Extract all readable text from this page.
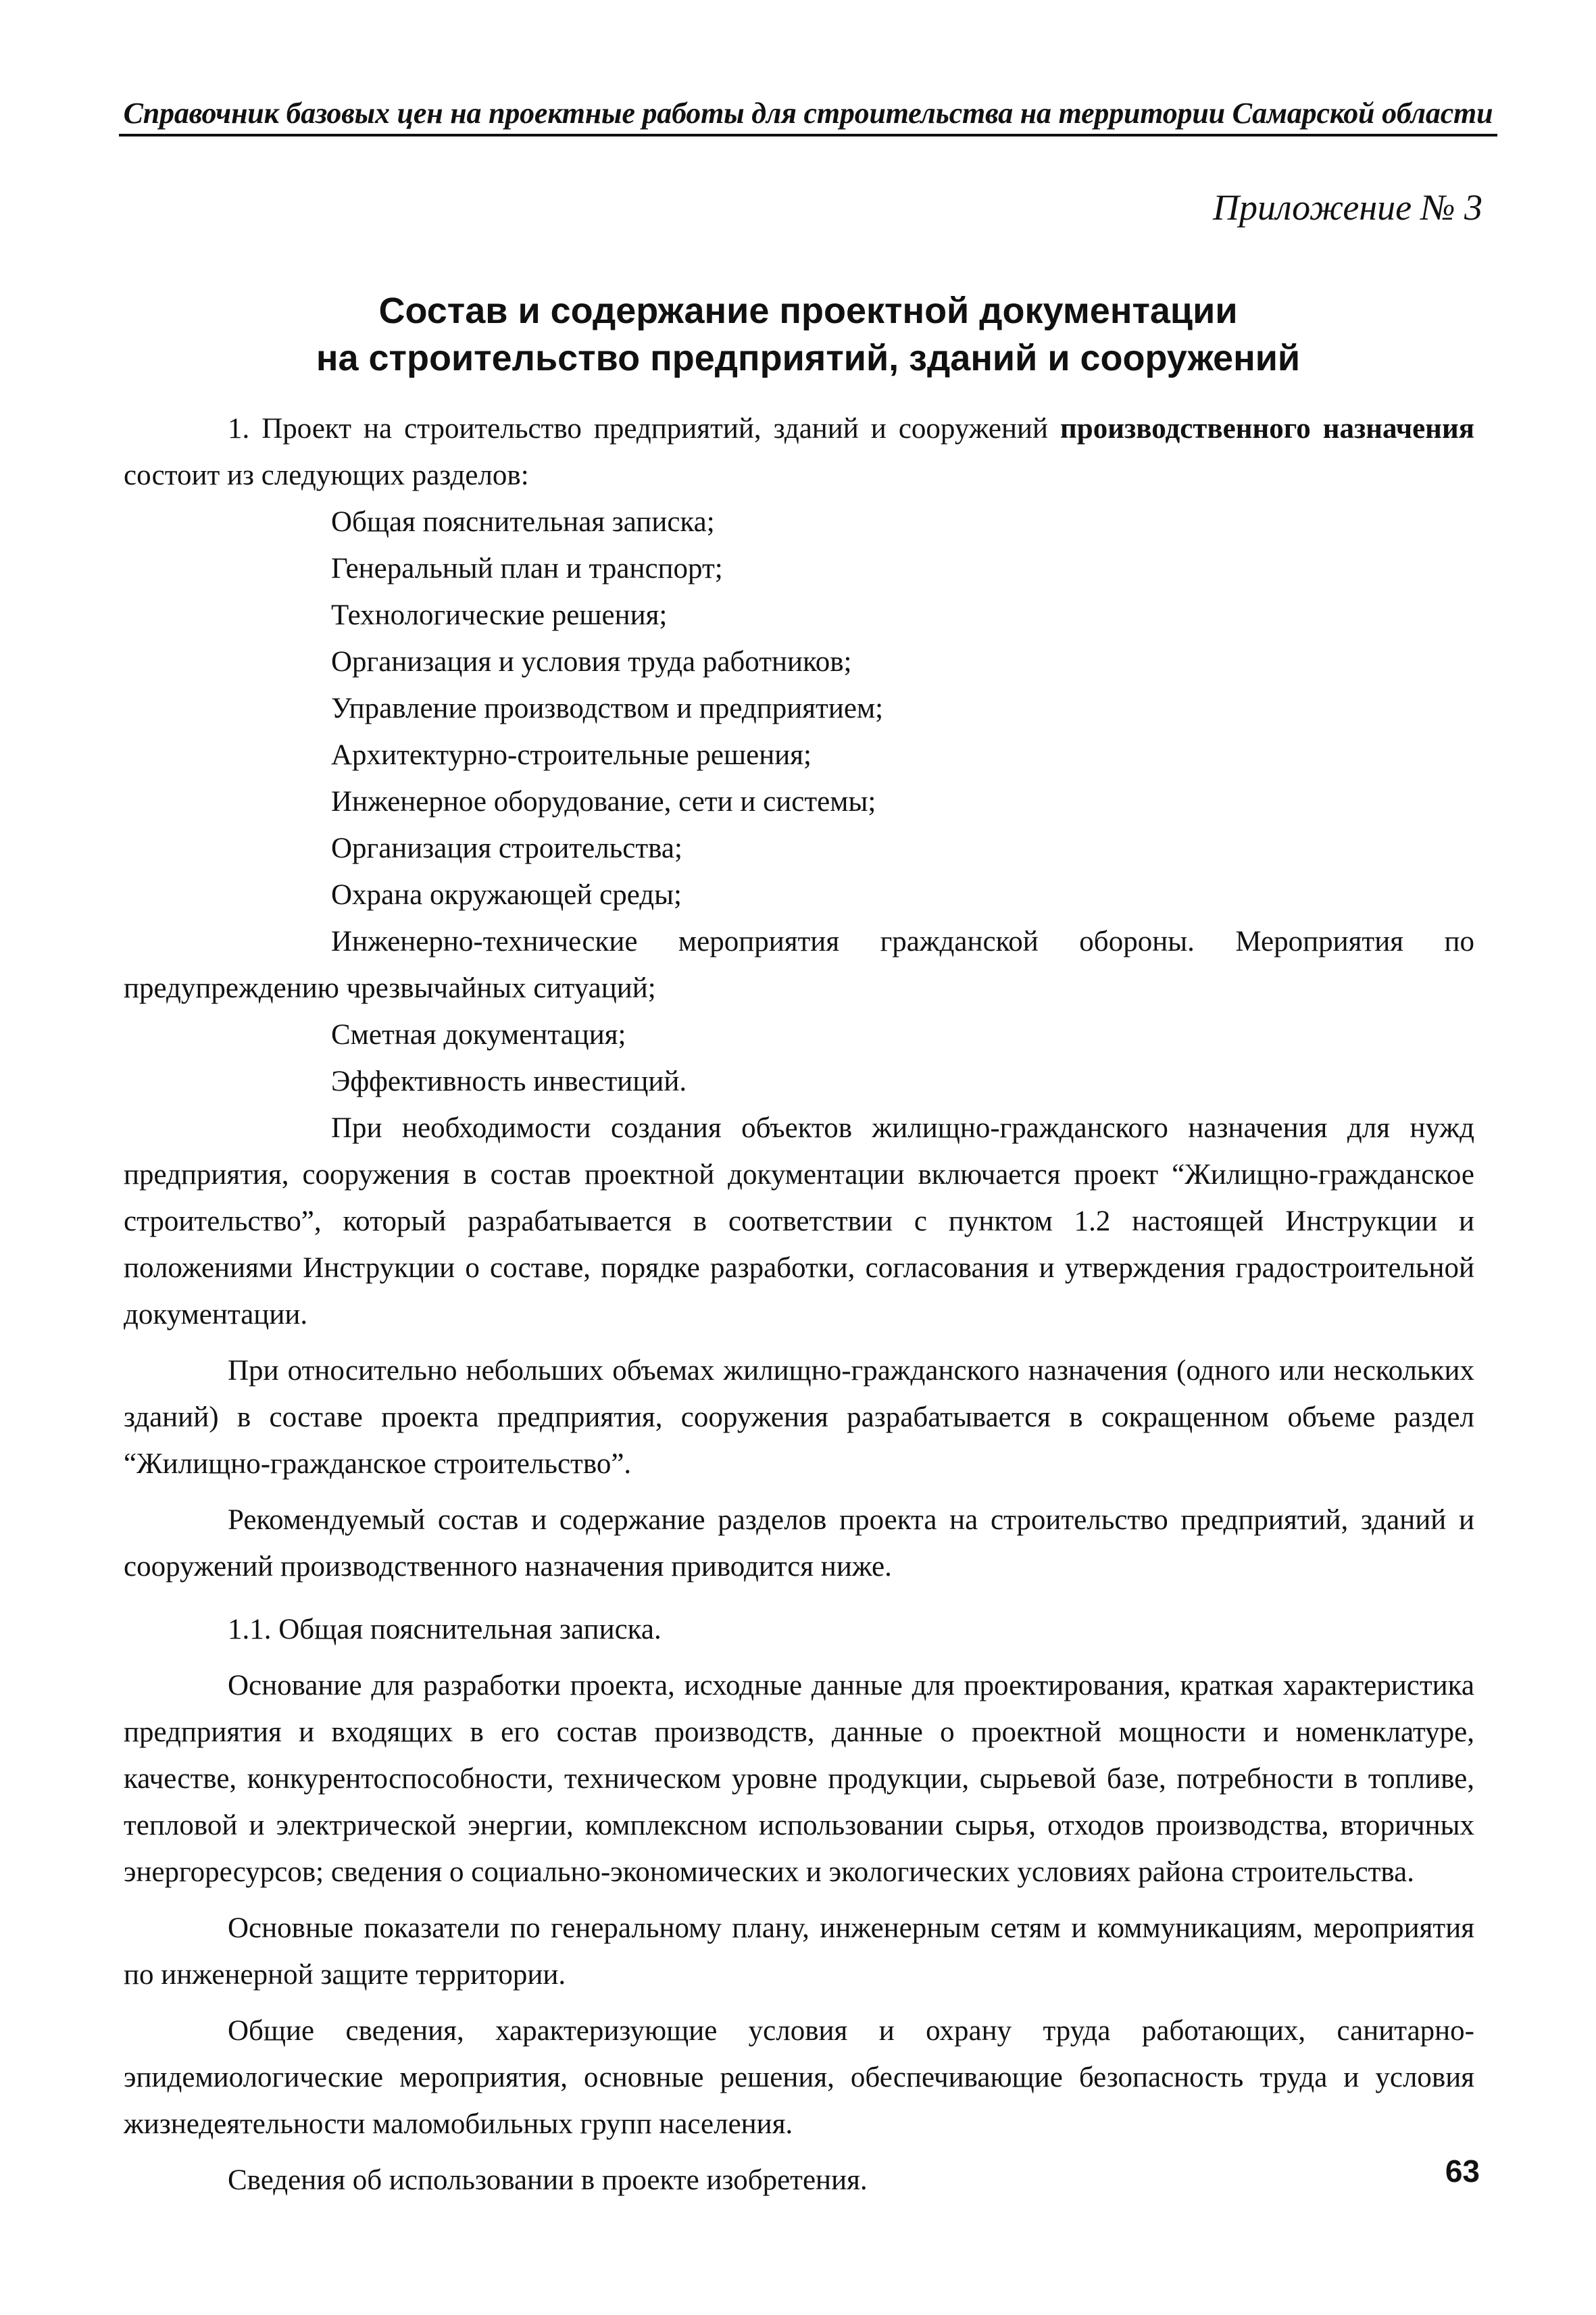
Справочник базовых цен на проектные работы для строительства на территории Самарской области
Приложение № 3
Состав и содержание проектной документации
на строительство предприятий, зданий и сооружений

1. Проект на строительство предприятий, зданий и сооружений производственного назначения состоит из следующих разделов:

Общая пояснительная записка;

Генеральный план и транспорт;

Технологические решения;

Организация и условия труда работников;

Управление производством и предприятием;

Архитектурно-строительные решения;

Инженерное оборудование, сети и системы;

Организация строительства;

Охрана окружающей среды;

Инженерно-технические мероприятия гражданской обороны. Мероприятия по предупреждению чрезвычайных ситуаций;

Сметная документация;

Эффективность инвестиций.

При необходимости создания объектов жилищно-гражданского назначения для нужд предприятия, сооружения в состав проектной документации включается проект “Жилищно-гражданское строительство”, который разрабатывается в соответствии с пунктом 1.2 настоящей Инструкции и положениями Инструкции о составе, порядке разработки, согласования и утверждения градостроительной документации.

При относительно небольших объемах жилищно-гражданского назначения (одного или нескольких зданий) в составе проекта предприятия, сооружения разрабатывается в сокращенном объеме раздел “Жилищно-гражданское строительство”.

Рекомендуемый состав и содержание разделов проекта на строительство предприятий, зданий и сооружений производственного назначения приводится ниже.

1.1. Общая пояснительная записка.

Основание для разработки проекта, исходные данные для проектирования, краткая характеристика предприятия и входящих в его состав производств, данные о проектной мощности и номенклатуре, качестве, конкурентоспособности, техническом уровне продукции, сырьевой базе, потребности в топливе, тепловой и электрической энергии, комплексном использовании сырья, отходов производства, вторичных энергоресурсов; сведения о социально-экономических и экологических условиях района строительства.

Основные показатели по генеральному плану, инженерным сетям и коммуникациям, мероприятия по инженерной защите территории.

Общие сведения, характеризующие условия и охрану труда работающих, санитарно-эпидемиологические мероприятия, основные решения, обеспечивающие безопасность труда и условия жизнедеятельности маломобильных групп населения.

Сведения об использовании в проекте изобретения.	63
